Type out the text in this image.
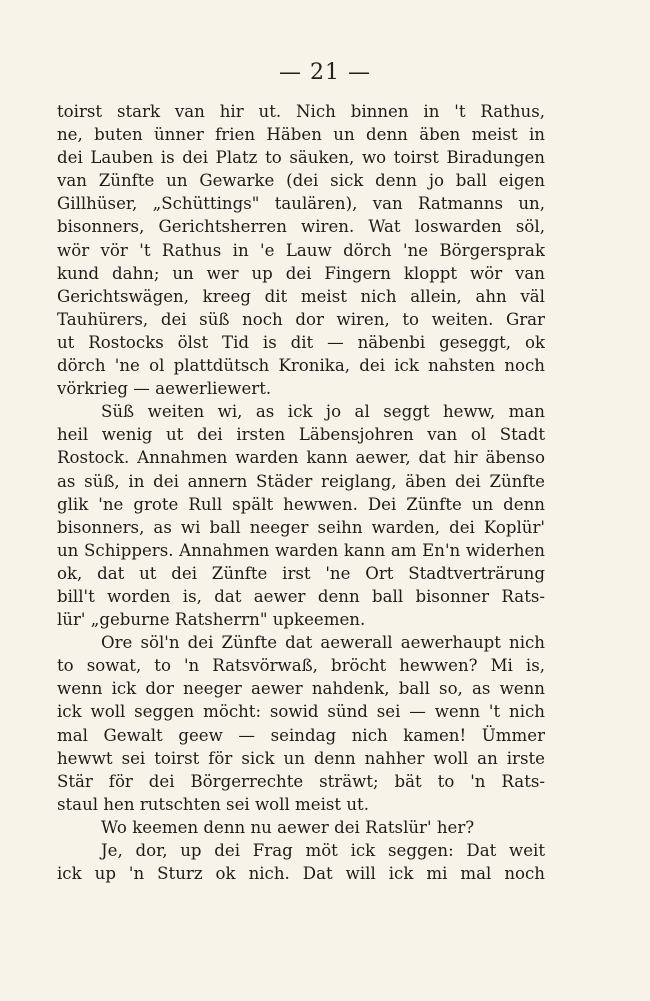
— 21 —
toirst stark van hir ut. Nich binnen in 't Rathus,
ne, buten ünner frien Häben un denn äben meist in
dei Lauben is dei Platz to säuken, wo toirst Biradungen
van Zünfte un Gewarke (dei sick denn jo ball eigen
Gillhüser, „Schüttings" taulären), van Ratmanns un,
bisonners, Gerichtsherren wiren. Wat loswarden söl,
wör vör 't Rathus in 'e Lauw dörch 'ne Börgersprak
kund dahn; un wer up dei Fingern kloppt wör van
Gerichtswägen, kreeg dit meist nich allein, ahn väl
Tauhürers, dei süß noch dor wiren, to weiten. Grar
ut Rostocks ölst Tid is dit — näbenbi geseggt, ok
dörch 'ne ol plattdütsch Kronika, dei ick nahsten noch
vörkrieg — aewerliewert.
Süß weiten wi, as ick jo al seggt heww, man
heil wenig ut dei irsten Läbensjohren van ol Stadt
Rostock. Annahmen warden kann aewer, dat hir äbenso
as süß, in dei annern Städer reiglang, äben dei Zünfte
glik 'ne grote Rull spält hewwen. Dei Zünfte un denn
bisonners, as wi ball neeger seihn warden, dei Koplür'
un Schippers. Annahmen warden kann am En'n widerhen
ok, dat ut dei Zünfte irst 'ne Ort Stadtverträrung
bill't worden is, dat aewer denn ball bisonner Rats-
lür' „geburne Ratsherrn" upkeemen.
Ore söl'n dei Zünfte dat aewerall aewerhaupt nich
to sowat, to 'n Ratsvörwaß, bröcht hewwen? Mi is,
wenn ick dor neeger aewer nahdenk, ball so, as wenn
ick woll seggen möcht: sowid sünd sei — wenn 't nich
mal Gewalt geew — seindag nich kamen! Ümmer
hewwt sei toirst för sick un denn nahher woll an irste
Stär för dei Börgerrechte sträwt; bät to 'n Rats-
staul hen rutschten sei woll meist ut.
Wo keemen denn nu aewer dei Ratslür' her?
Je, dor, up dei Frag möt ick seggen: Dat weit
ick up 'n Sturz ok nich. Dat will ick mi mal noch
